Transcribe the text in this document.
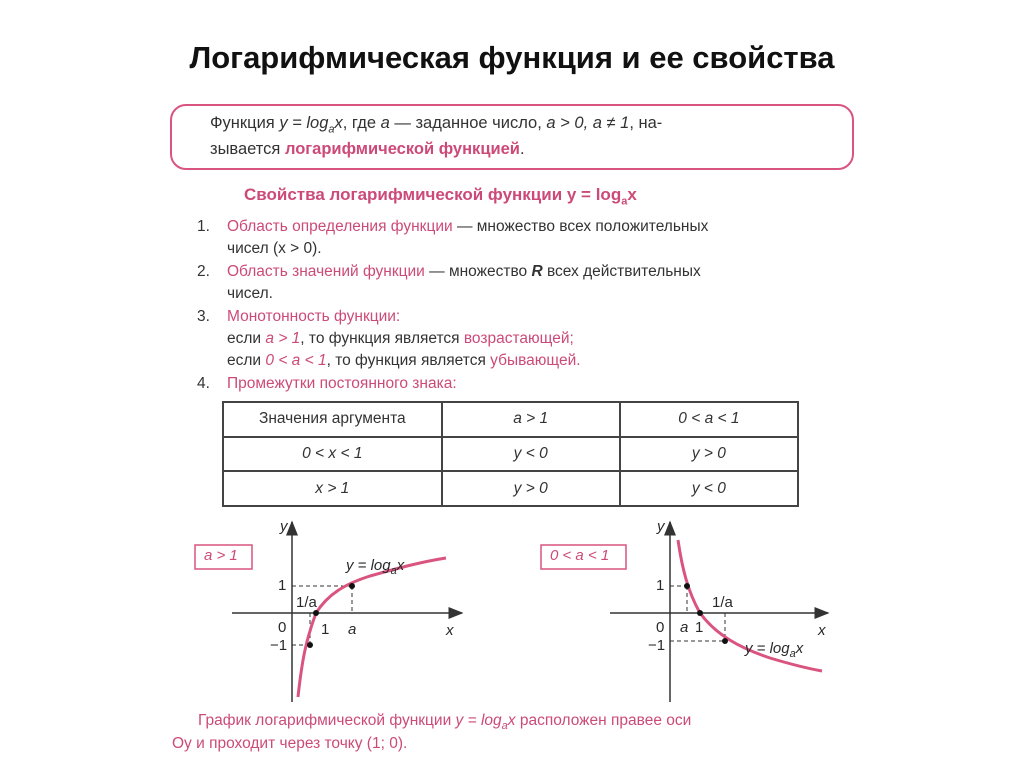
Логарифмическая функция и ее свойства
Функция $y = \log_ax$, где a — заданное число, a > 0, a ≠ 1, на-
зывается логарифмической функцией.
Свойства логарифмической функции $y = \log_ax$
1. Область определения функции — множество всех положительных
чисел (x > 0).
2. Область значений функции — множество R всех действительных
чисел.
3. Монотонность функции:
если a > 1, то функция является возрастающей;
если 0 < a < 1, то функция является убывающей.
4. Промежутки постоянного знака:
Значения аргумента	a > 1	0 < a < 1
0 < x < 1	y < 0	y > 0
x > 1	y > 0	y < 0
a > 1
y
x
$y = \log_ax$
1
0
−1
1/a
1 a
0 < a < 1
y
x
$y = \log_ax$
1
0
−1
1/a
a 1
График логарифмической функции $y = \log_ax$ расположен правее оси
Oy и проходит через точку (1; 0).
